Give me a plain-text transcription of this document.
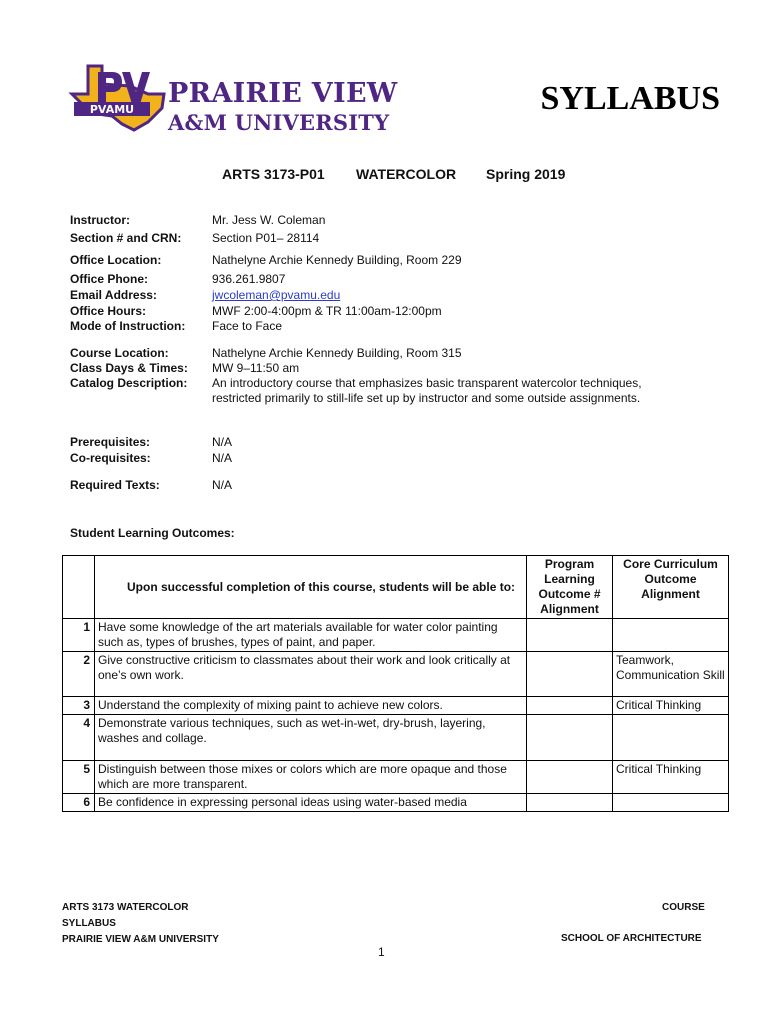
PVAMU
PRAIRIE VIEW
A&M UNIVERSITY
SYLLABUS
ARTS 3173-P01 WATERCOLOR Spring 2019
Instructor:	Mr. Jess W. Coleman
Section # and CRN:	Section P01– 28114
Office Location:	Nathelyne Archie Kennedy Building, Room 229
Office Phone:	936.261.9807
Email Address:	jwcoleman@pvamu.edu
Office Hours:	MWF 2:00-4:00pm & TR 11:00am-12:00pm
Mode of Instruction: Face to Face
Course Location:	Nathelyne Archie Kennedy Building, Room 315
Class Days & Times: MW 9–11:50 am
Catalog Description: An introductory course that emphasizes basic transparent watercolor techniques,
restricted primarily to still-life set up by instructor and some outside assignments.
Prerequisites:	N/A
Co-requisites:	N/A
Required Texts:	N/A
Student Learning Outcomes:
	Upon successful completion of this course, students will be able to:	Program Learning Outcome # Alignment	Core Curriculum Outcome Alignment
1	Have some knowledge of the art materials available for water color painting such as, types of brushes, types of paint, and paper.		
2	Give constructive criticism to classmates about their work and look critically at one’s own work.		Teamwork, Communication Skill
3	Understand the complexity of mixing paint to achieve new colors.		Critical Thinking
4	Demonstrate various techniques, such as wet-in-wet, dry-brush, layering, washes and collage.		
5	Distinguish between those mixes or colors which are more opaque and those which are more transparent.		Critical Thinking
6	Be confidence in expressing personal ideas using water-based media		
ARTS 3173 WATERCOLOR
SYLLABUS
PRAIRIE VIEW A&M UNIVERSITY
COURSE
SCHOOL OF ARCHITECTURE
1
